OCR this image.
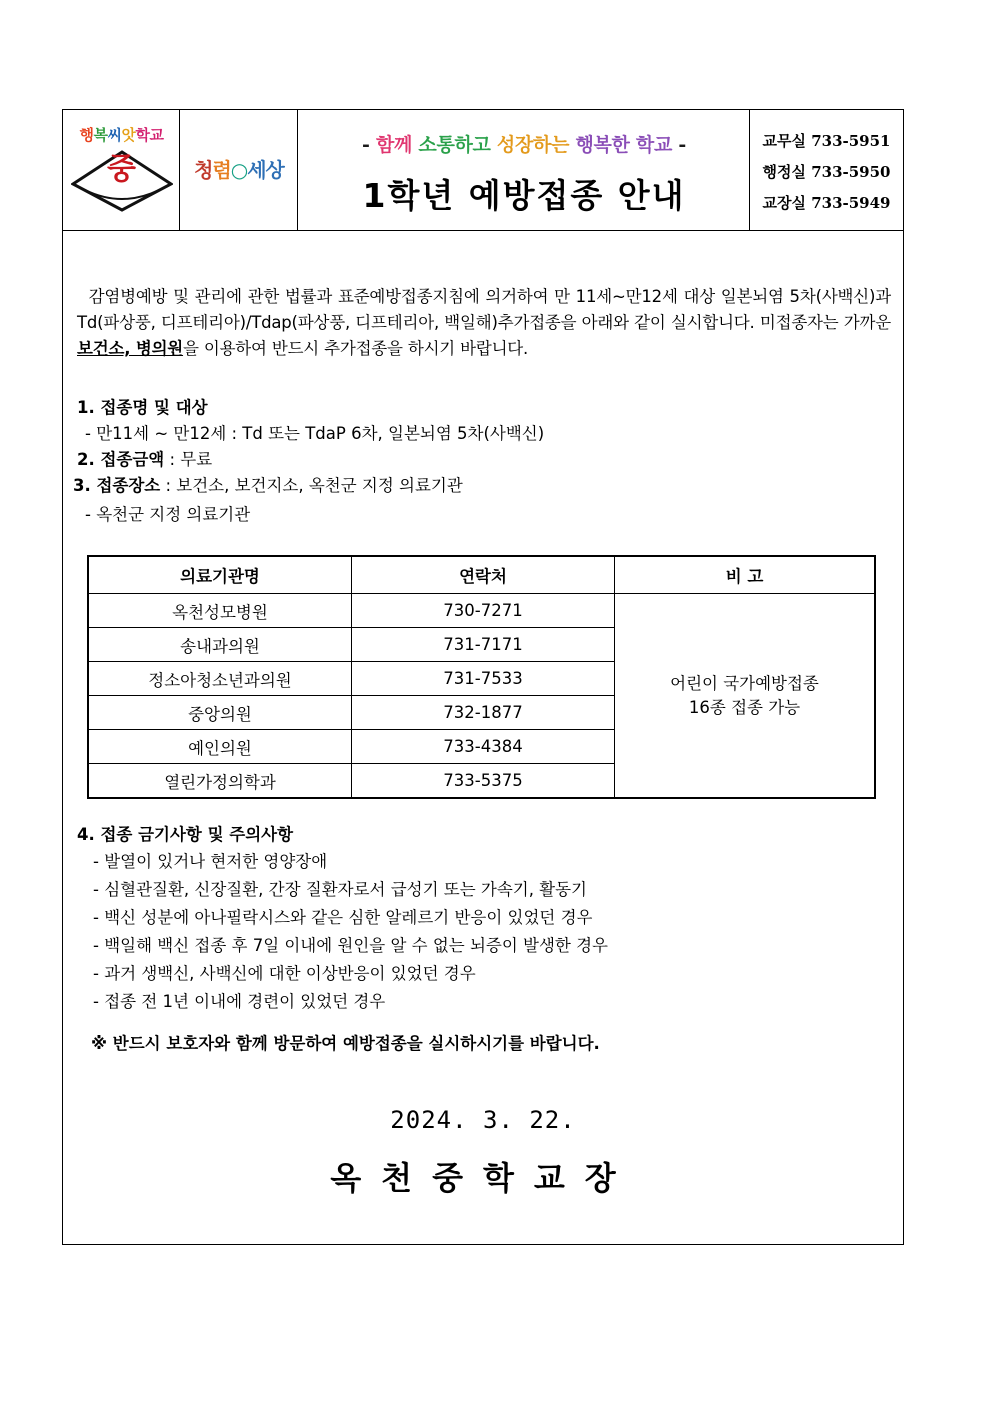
행복씨앗학교
중	청렴○세상
- 함께 소통하고 성장하는 행복한 학교 -
1학년 예방접종 안내
교무실 733-5951
행정실 733-5950
교장실 733-5949
감염병예방 및 관리에 관한 법률과 표준예방접종지침에 의거하여 만 11세~만12세 대상 일본뇌염 5차(사백신)과 Td(파상풍, 디프테리아)/Tdap(파상풍, 디프테리아, 백일해)추가접종을 아래와 같이 실시합니다. 미접종자는 가까운 보건소, 병의원을 이용하여 반드시 추가접종을 하시기 바랍니다.
1. 접종명 및 대상
- 만11세 ~ 만12세 : Td 또는 TdaP 6차, 일본뇌염 5차(사백신)
2. 접종금액 : 무료
3. 접종장소 : 보건소, 보건지소, 옥천군 지정 의료기관
- 옥천군 지정 의료기관
의료기관명	연락처	비 고
옥천성모병원	730-7271	어린이 국가예방접종
16종 접종 가능
송내과의원	731-7171	
정소아청소년과의원	731-7533	
중앙의원	732-1877	
예인의원	733-4384	
열린가정의학과	733-5375	
4. 접종 금기사항 및 주의사항
- 발열이 있거나 현저한 영양장애
- 심혈관질환, 신장질환, 간장 질환자로서 급성기 또는 가속기, 활동기
- 백신 성분에 아나필락시스와 같은 심한 알레르기 반응이 있었던 경우
- 백일해 백신 접종 후 7일 이내에 원인을 알 수 없는 뇌증이 발생한 경우
- 과거 생백신, 사백신에 대한 이상반응이 있었던 경우
- 접종 전 1년 이내에 경련이 있었던 경우
※ 반드시 보호자와 함께 방문하여 예방접종을 실시하시기를 바랍니다.
2024. 3. 22.
옥천중학교장
